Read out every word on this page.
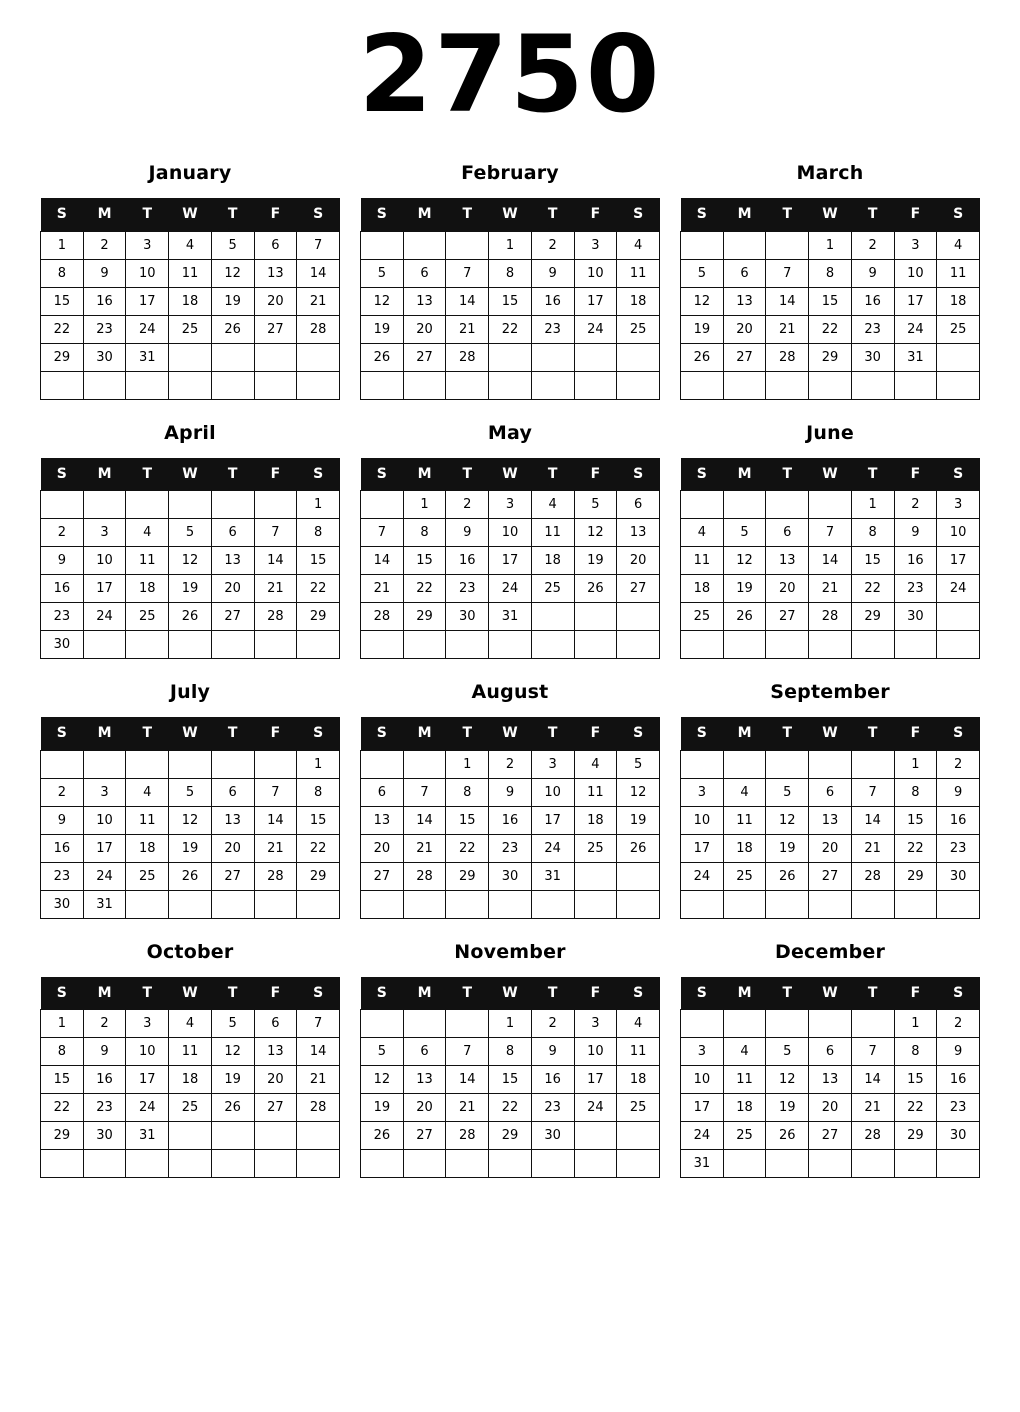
2750
January
S	M	T	W	T	F	S
1	2	3	4	5	6	7
8	9	10	11	12	13	14
15	16	17	18	19	20	21
22	23	24	25	26	27	28
29	30	31				

February
S	M	T	W	T	F	S
			1	2	3	4
5	6	7	8	9	10	11
12	13	14	15	16	17	18
19	20	21	22	23	24	25
26	27	28				

March
S	M	T	W	T	F	S
			1	2	3	4
5	6	7	8	9	10	11
12	13	14	15	16	17	18
19	20	21	22	23	24	25
26	27	28	29	30	31	

April
S	M	T	W	T	F	S
						1
2	3	4	5	6	7	8
9	10	11	12	13	14	15
16	17	18	19	20	21	22
23	24	25	26	27	28	29
30						
May
S	M	T	W	T	F	S
	1	2	3	4	5	6
7	8	9	10	11	12	13
14	15	16	17	18	19	20
21	22	23	24	25	26	27
28	29	30	31			

June
S	M	T	W	T	F	S
				1	2	3
4	5	6	7	8	9	10
11	12	13	14	15	16	17
18	19	20	21	22	23	24
25	26	27	28	29	30	

July
S	M	T	W	T	F	S
						1
2	3	4	5	6	7	8
9	10	11	12	13	14	15
16	17	18	19	20	21	22
23	24	25	26	27	28	29
30	31					
August
S	M	T	W	T	F	S
		1	2	3	4	5
6	7	8	9	10	11	12
13	14	15	16	17	18	19
20	21	22	23	24	25	26
27	28	29	30	31		

September
S	M	T	W	T	F	S
					1	2
3	4	5	6	7	8	9
10	11	12	13	14	15	16
17	18	19	20	21	22	23
24	25	26	27	28	29	30

October
S	M	T	W	T	F	S
1	2	3	4	5	6	7
8	9	10	11	12	13	14
15	16	17	18	19	20	21
22	23	24	25	26	27	28
29	30	31				

November
S	M	T	W	T	F	S
			1	2	3	4
5	6	7	8	9	10	11
12	13	14	15	16	17	18
19	20	21	22	23	24	25
26	27	28	29	30		

December
S	M	T	W	T	F	S
					1	2
3	4	5	6	7	8	9
10	11	12	13	14	15	16
17	18	19	20	21	22	23
24	25	26	27	28	29	30
31						
